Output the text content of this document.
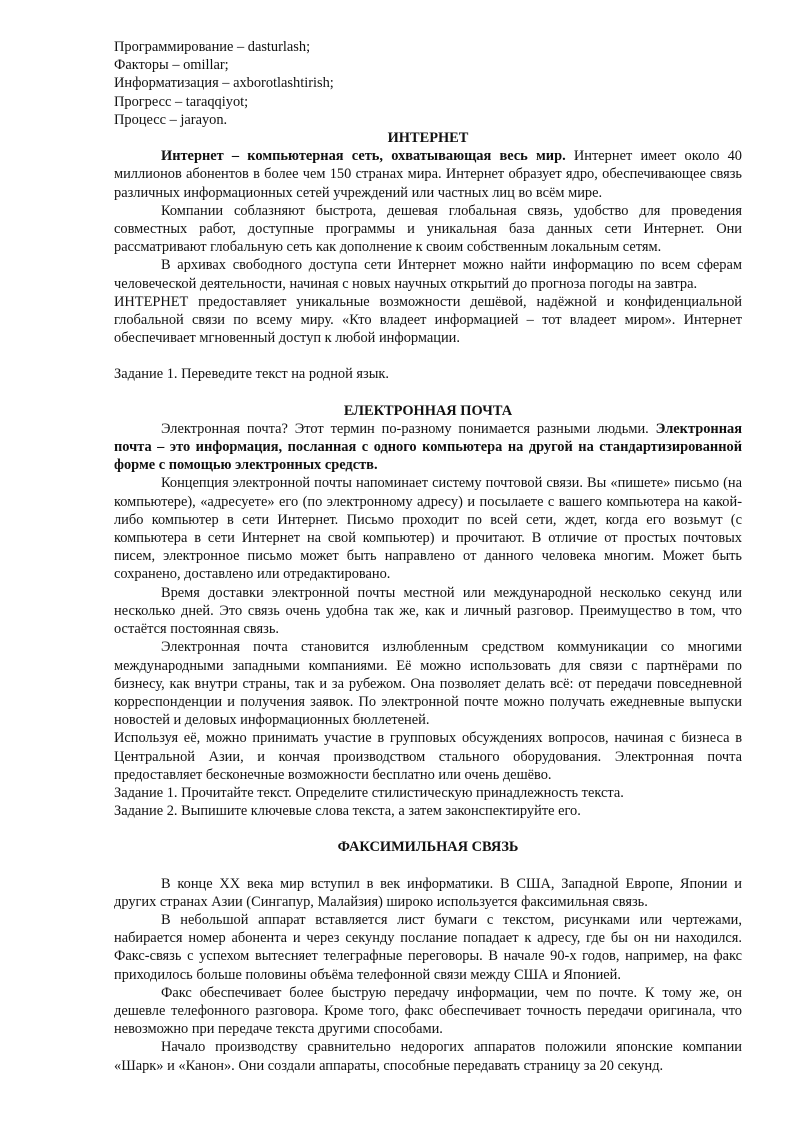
Программирование – dasturlash;
Факторы – omillar;
Информатизация – axborotlashtirish;
Прогресс – taraqqiyot;
Процесс – jarayon.
ИНТЕРНЕТ

Интернет – компьютерная сеть, охватывающая весь мир. Интернет имеет около 40 миллионов абонентов в более чем 150 странах мира. Интернет образует ядро, обеспечивающее связь различных информационных сетей учреждений или частных лиц во всём мире.

Компании соблазняют быстрота, дешевая глобальная связь, удобство для проведения совместных работ, доступные программы и уникальная база данных сети Интернет. Они рассматривают глобальную сеть как дополнение к своим собственным локальным сетям.

В архивах свободного доступа сети Интернет можно найти информацию по всем сферам человеческой деятельности, начиная с новых научных открытий до прогноза погоды на завтра.

ИНТЕРНЕТ предоставляет уникальные возможности дешёвой, надёжной и конфиденциальной глобальной связи по всему миру. «Кто владеет информацией – тот владеет миром». Интернет обеспечивает мгновенный доступ к любой информации.

Задание 1. Переведите текст на родной язык.

ЕЛЕКТРОННАЯ ПОЧТА

Электронная почта? Этот термин по-разному понимается разными людьми. Электронная почта – это информация, посланная с одного компьютера на другой на стандартизированной форме с помощью электронных средств.

Концепция электронной почты напоминает систему почтовой связи. Вы «пишете» письмо (на компьютере), «адресуете» его (по электронному адресу) и посылаете с вашего компьютера на какой-либо компьютер в сети Интернет. Письмо проходит по всей сети, ждет, когда его возьмут (с компьютера в сети Интернет на свой компьютер) и прочитают. В отличие от простых почтовых писем, электронное письмо может быть направлено от данного человека многим. Может быть сохранено, доставлено или отредактировано.

Время доставки электронной почты местной или международной несколько секунд или несколько дней. Это связь очень удобна так же, как и личный разговор. Преимущество в том, что остаётся постоянная связь.

Электронная почта становится излюбленным средством коммуникации со многими международными западными компаниями. Её можно использовать для связи с партнёрами по бизнесу, как внутри страны, так и за рубежом. Она позволяет делать всё: от передачи повседневной корреспонденции и получения заявок. По электронной почте можно получать ежедневные выпуски новостей и деловых информационных бюллетеней.

Используя её, можно принимать участие в групповых обсуждениях вопросов, начиная с бизнеса в Центральной Азии, и кончая производством стального оборудования. Электронная почта предоставляет бесконечные возможности бесплатно или очень дешёво.

Задание 1. Прочитайте текст. Определите стилистическую принадлежность текста.

Задание 2. Выпишите ключевые слова текста, а затем законспектируйте его.

ФАКСИМИЛЬНАЯ СВЯЗЬ

В конце XX века мир вступил в век информатики. В США, Западной Европе, Японии и других странах Азии (Сингапур, Малайзия) широко используется факсимильная связь.

В небольшой аппарат вставляется лист бумаги с текстом, рисунками или чертежами, набирается номер абонента и через секунду послание попадает к адресу, где бы он ни находился. Факс-связь с успехом вытесняет телеграфные переговоры. В начале 90-х годов, например, на факс приходилось больше половины объёма телефонной связи между США и Японией.

Факс обеспечивает более быструю передачу информации, чем по почте. К тому же, он дешевле телефонного разговора. Кроме того, факс обеспечивает точность передачи оригинала, что невозможно при передаче текста другими способами.

Начало производству сравнительно недорогих аппаратов положили японские компании «Шарк» и «Канон». Они создали аппараты, способные передавать страницу за 20 секунд.
